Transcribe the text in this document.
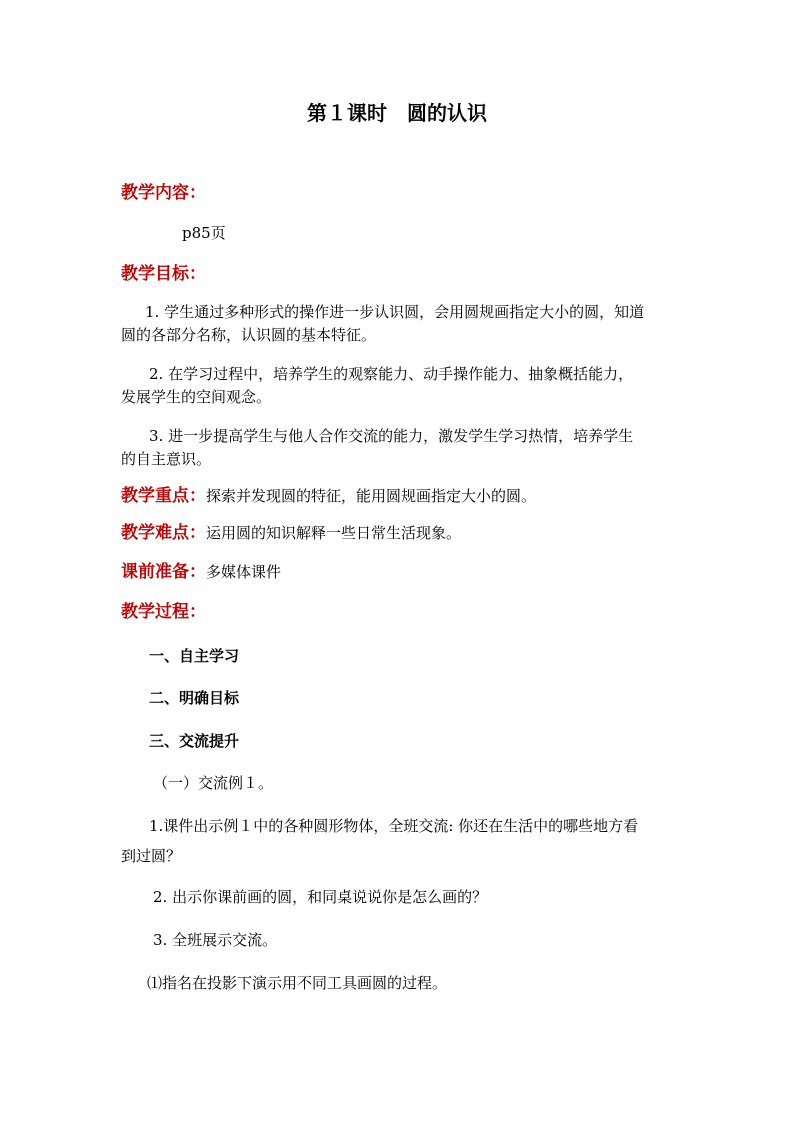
第１课时　圆的认识
教学内容：
p85页
教学目标：
1. 学生通过多种形式的操作进一步认识圆，会用圆规画指定大小的圆，知道
圆的各部分名称，认识圆的基本特征。
2. 在学习过程中，培养学生的观察能力、动手操作能力、抽象概括能力，
发展学生的空间观念。
3. 进一步提高学生与他人合作交流的能力，激发学生学习热情，培养学生
的自主意识。
教学重点：探索并发现圆的特征，能用圆规画指定大小的圆。
教学难点：运用圆的知识解释一些日常生活现象。
课前准备：多媒体课件
教学过程：
一、自主学习
二、明确目标
三、交流提升
（一）交流例１。
1.课件出示例１中的各种圆形物体，全班交流: 你还在生活中的哪些地方看
到过圆？
2. 出示你课前画的圆，和同桌说说你是怎么画的？
3. 全班展示交流。
⑴指名在投影下演示用不同工具画圆的过程。
